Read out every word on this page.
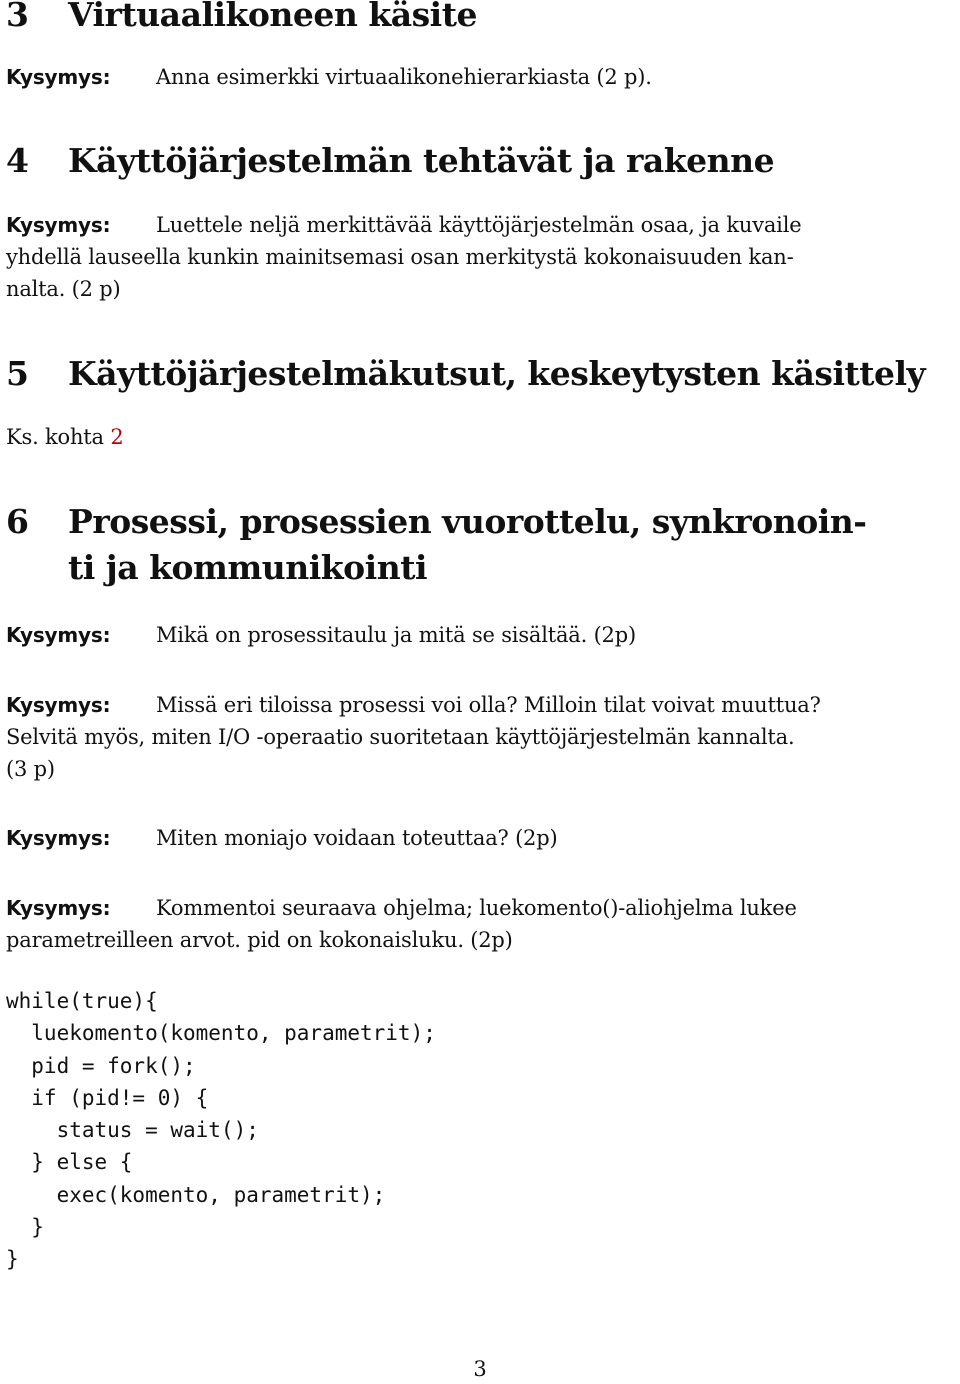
3 Virtuaalikoneen käsite

Kysymys: Anna esimerkki virtuaalikonehierarkiasta (2 p).

4 Käyttöjärjestelmän tehtävät ja rakenne

Kysymys: Luettele neljä merkittävää käyttöjärjestelmän osaa, ja kuvaile
yhdellä lauseella kunkin mainitsemasi osan merkitystä kokonaisuuden kan-
nalta. (2 p)

5 Käyttöjärjestelmäkutsut, keskeytysten käsittely

Ks. kohta 2

6 Prosessi, prosessien vuorottelu, synkronoin-
ti ja kommunikointi

Kysymys: Mikä on prosessitaulu ja mitä se sisältää. (2p)

Kysymys: Missä eri tiloissa prosessi voi olla? Milloin tilat voivat muuttua?
Selvitä myös, miten I/O -operaatio suoritetaan käyttöjärjestelmän kannalta.
(3 p)

Kysymys: Miten moniajo voidaan toteuttaa? (2p)

Kysymys: Kommentoi seuraava ohjelma; luekomento()-aliohjelma lukee
parametreilleen arvot. pid on kokonaisluku. (2p)

while(true){
luekomento(komento, parametrit);
pid = fork();
if (pid!= 0) {
status = wait();
} else {
exec(komento, parametrit);
}
}
3
